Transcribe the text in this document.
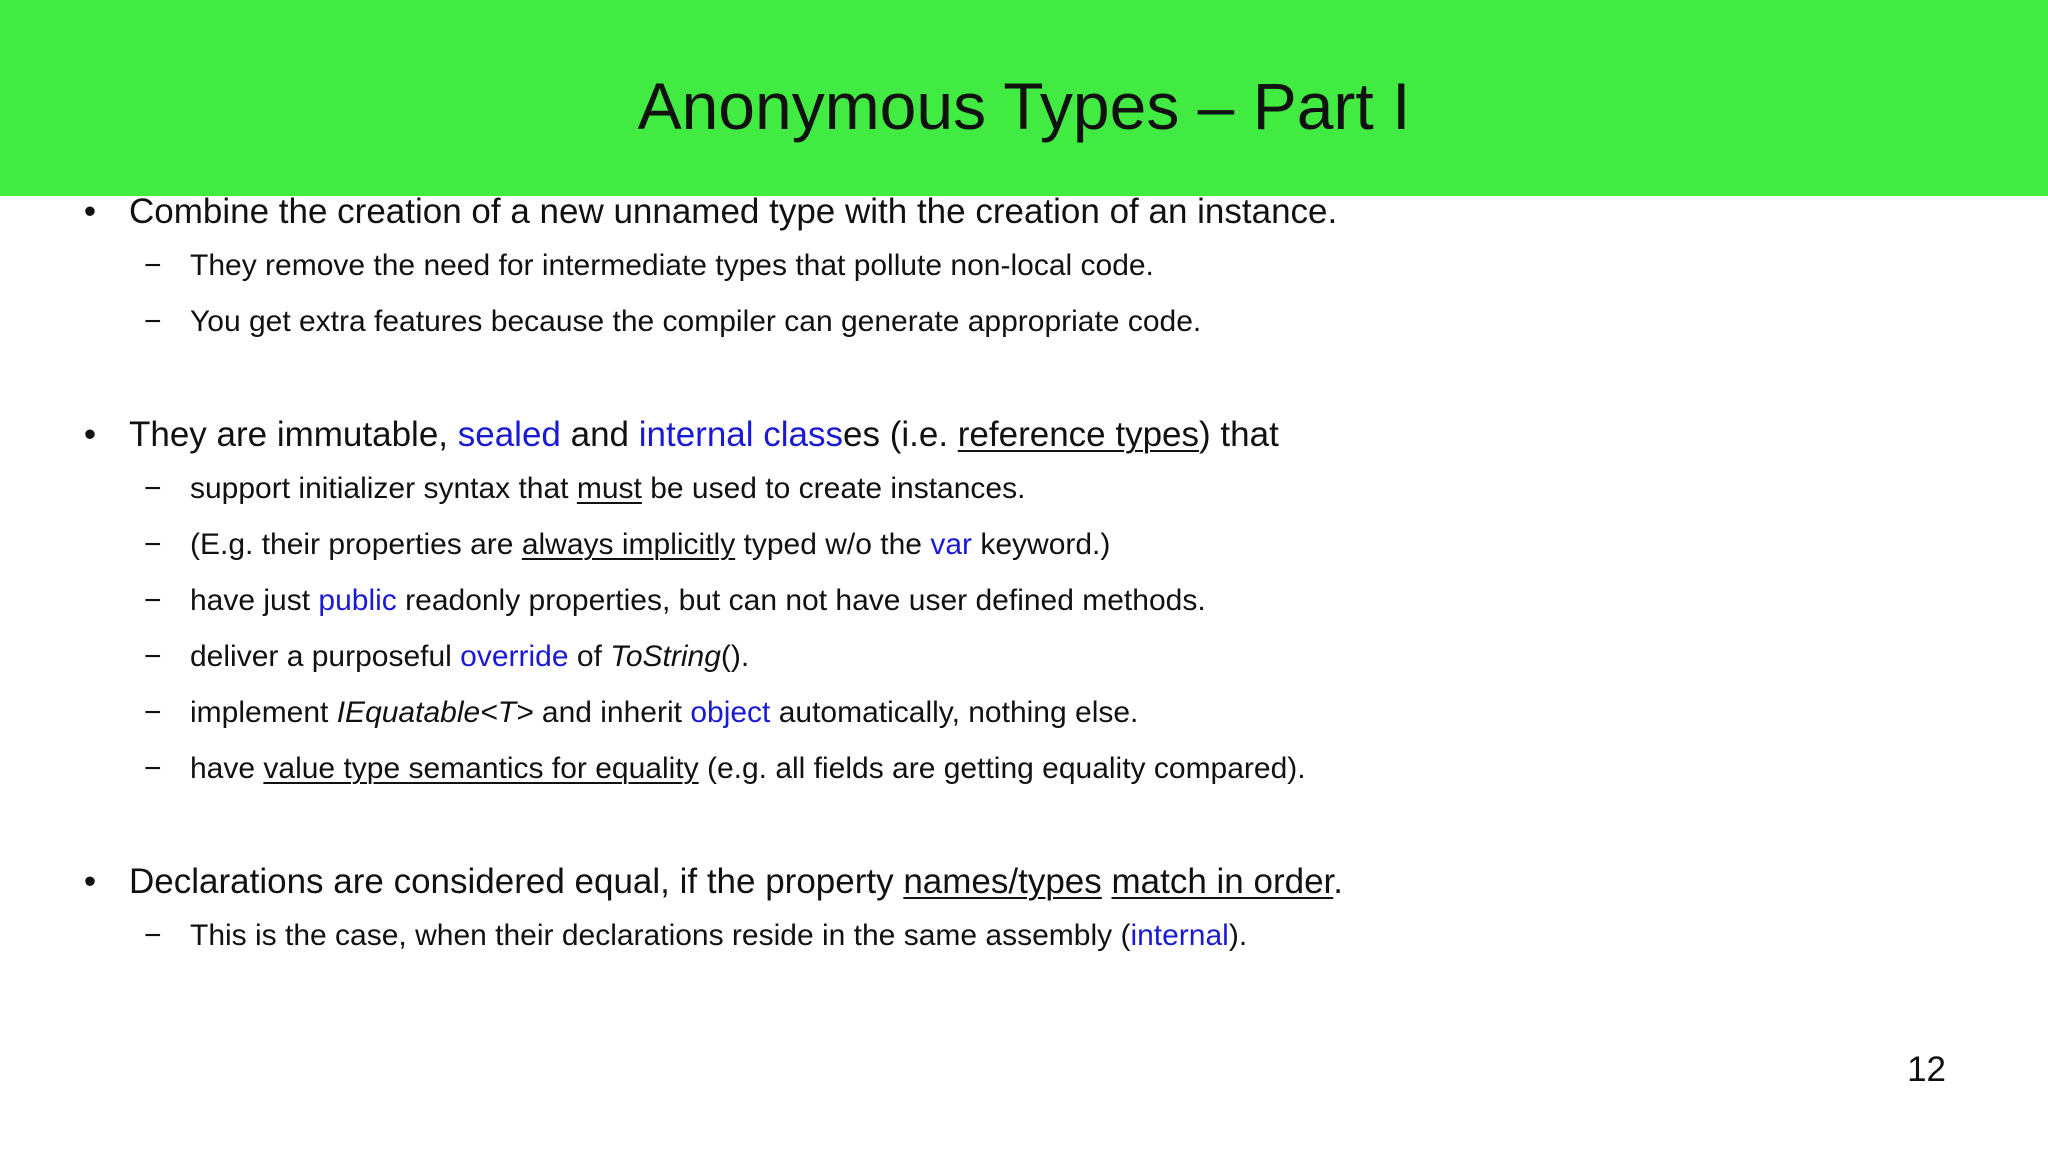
Anonymous Types – Part I
• Combine the creation of a new unnamed type with the creation of an instance.
− They remove the need for intermediate types that pollute non-local code.
− You get extra features because the compiler can generate appropriate code.
• They are immutable, sealed and internal classes (i.e. reference types) that
− support initializer syntax that must be used to create instances.
− (E.g. their properties are always implicitly typed w/o the var keyword.)
− have just public readonly properties, but can not have user defined methods.
− deliver a purposeful override of ToString().
− implement IEquatable<T> and inherit object automatically, nothing else.
− have value type semantics for equality (e.g. all fields are getting equality compared).
• Declarations are considered equal, if the property names/types match in order.
− This is the case, when their declarations reside in the same assembly (internal).
12
